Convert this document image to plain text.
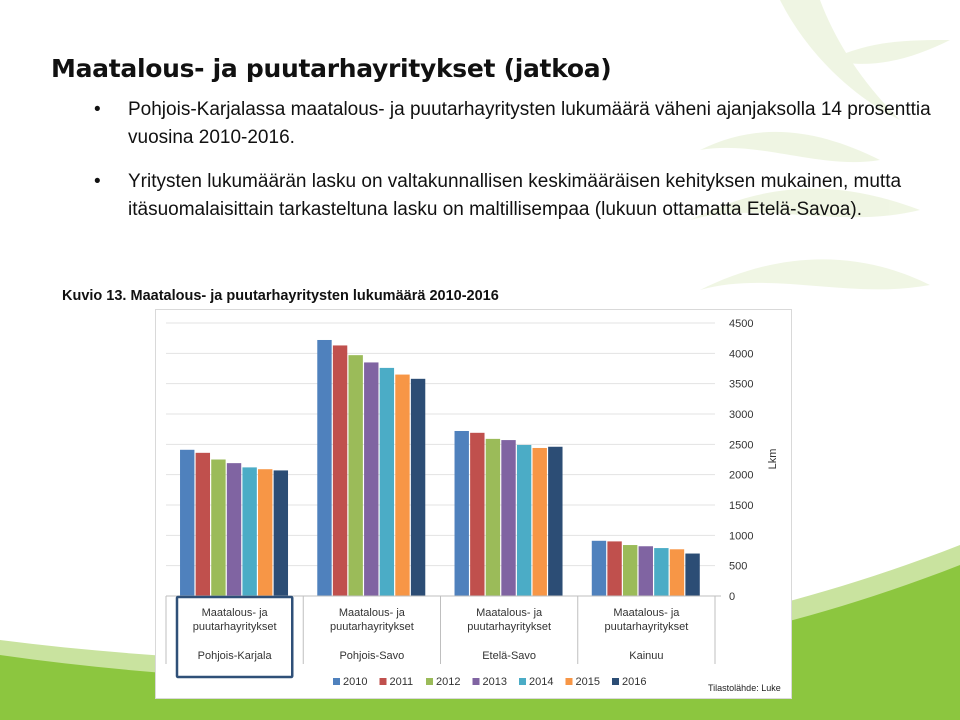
Maatalous- ja puutarhayritykset (jatkoa)
• Pohjois-Karjalassa maatalous- ja puutarhayritysten lukumäärä väheni ajanjaksolla 14 prosenttia vuosina 2010-2016.
• Yritysten lukumäärän lasku on valtakunnallisen keskimääräisen kehityksen mukainen, mutta itäsuomalaisittain tarkasteltuna lasku on maltillisempaa (lukuun ottamatta Etelä-Savoa).
Kuvio 13. Maatalous- ja puutarhayritysten lukumäärä 2010-2016
0
500
1000
1500
2000
2500
3000
3500
4000
4500
Lkm
Maatalous- ja
puutarhayritykset
Pohjois-Karjala
Maatalous- ja
puutarhayritykset
Pohjois-Savo
Maatalous- ja
puutarhayritykset
Etelä-Savo
Maatalous- ja
puutarhayritykset
Kainuu
2010 2011 2012 2013 2014 2015 2016	Tilastolähde: Luke
